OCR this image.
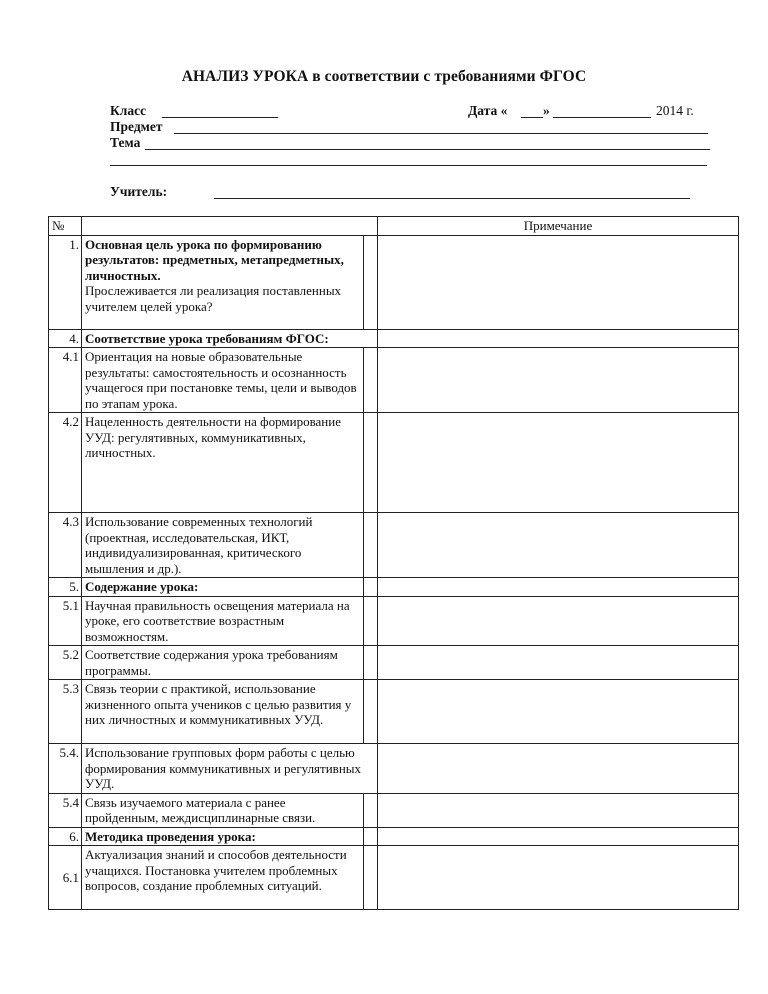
АНАЛИЗ УРОКА в соответствии с требованиями ФГОС
Класс	Дата «	»	2014 г.
Предмет
Тема
Учитель:
№			Примечание

1.	Основная цель урока по формированию результатов: предметных, метапредметных, личностных.
Прослеживается ли реализация поставленных учителем целей урока?		
4.	Соответствие урока требованиям ФГОС:		
4.1	Ориентация на новые образовательные результаты: самостоятельность и осознанность учащегося при постановке темы, цели и выводов по этапам урока.		
4.2	Нацеленность деятельности на формирование УУД: регулятивных, коммуникативных, личностных.		
4.3	Использование современных технологий (проектная, исследовательская, ИКТ, индивидуализированная, критического мышления и др.).		
5.	Содержание урока:		
5.1	Научная правильность освещения материала на уроке, его соответствие возрастным возможностям.		
5.2	Соответствие содержания урока требованиям программы.		
5.3	Связь теории с практикой, использование жизненного опыта учеников с целью развития у них личностных и коммуникативных УУД.		
5.4.	Использование групповых форм работы с целью формирования коммуникативных и регулятивных УУД.		
5.4	Связь изучаемого материала с ранее пройденным, междисциплинарные связи.		
6.	Методика проведения урока:		
6.1	Актуализация знаний и способов деятельности учащихся. Постановка учителем проблемных вопросов, создание проблемных ситуаций.		
